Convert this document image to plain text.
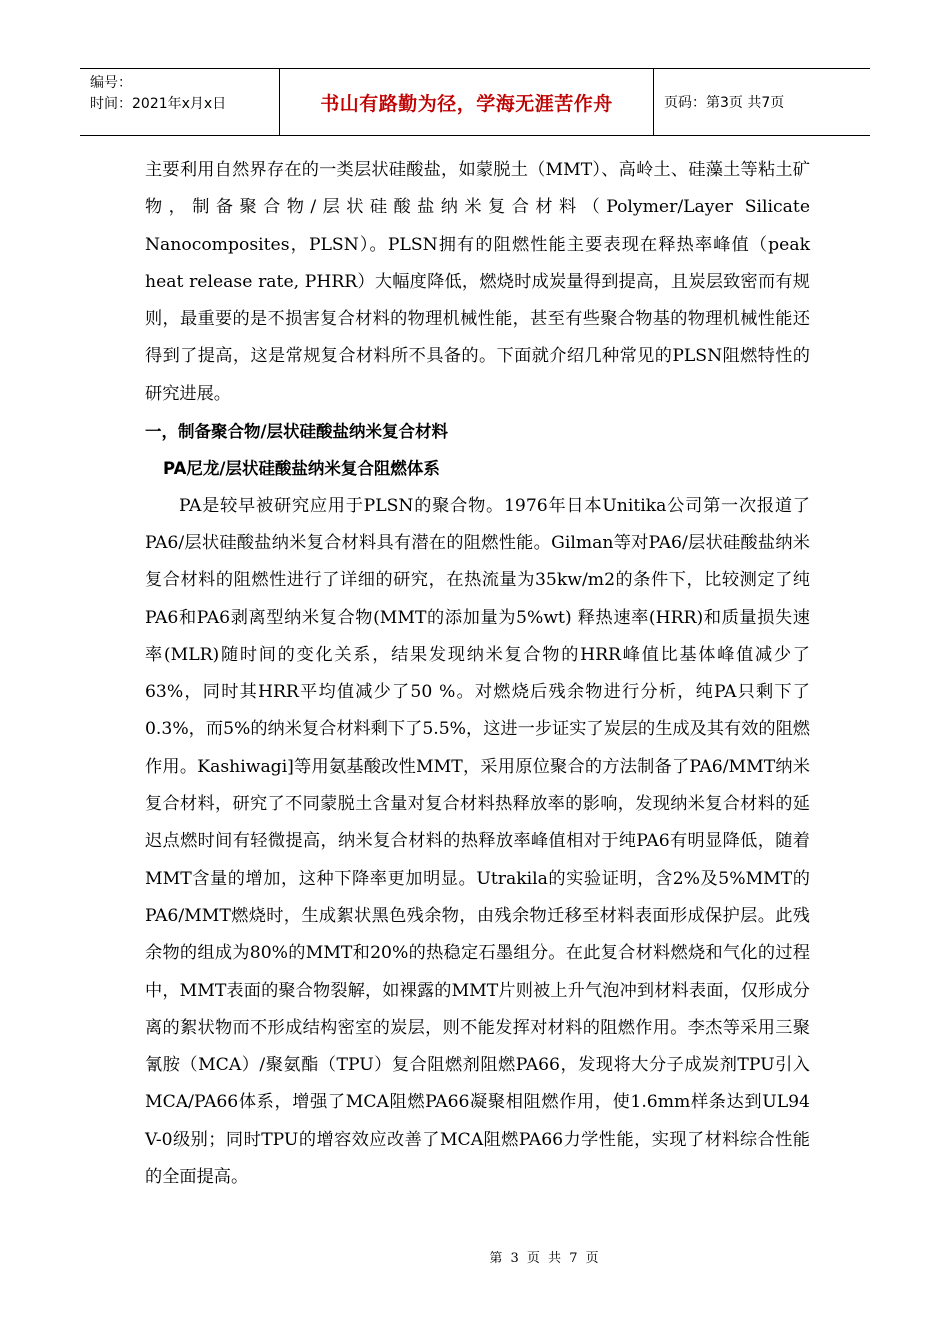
编号：
时间：2021年x月x日	书山有路勤为径，学海无涯苦作舟	页码：第3页 共7页

主要利用自然界存在的一类层状硅酸盐，如蒙脱土（MMT）、高岭土、硅藻土等粘土矿物，制备聚合物/层状硅酸盐纳米复合材料（Polymer/Layer Silicate Nanocomposites，PLSN）。PLSN拥有的阻燃性能主要表现在释热率峰值（peak heat release rate, PHRR）大幅度降低，燃烧时成炭量得到提高，且炭层致密而有规则，最重要的是不损害复合材料的物理机械性能，甚至有些聚合物基的物理机械性能还得到了提高，这是常规复合材料所不具备的。下面就介绍几种常见的PLSN阻燃特性的研究进展。

一，制备聚合物/层状硅酸盐纳米复合材料

PA尼龙/层状硅酸盐纳米复合阻燃体系

PA是较早被研究应用于PLSN的聚合物。1976年日本Unitika公司第一次报道了PA6/层状硅酸盐纳米复合材料具有潜在的阻燃性能。Gilman等对PA6/层状硅酸盐纳米复合材料的阻燃性进行了详细的研究，在热流量为35kw/m2的条件下，比较测定了纯PA6和PA6剥离型纳米复合物(MMT的添加量为5%wt) 释热速率(HRR)和质量损失速率(MLR)随时间的变化关系，结果发现纳米复合物的HRR峰值比基体峰值减少了63%，同时其HRR平均值减少了50 %。对燃烧后残余物进行分析，纯PA只剩下了0.3%，而5%的纳米复合材料剩下了5.5%，这进一步证实了炭层的生成及其有效的阻燃作用。Kashiwagi]等用氨基酸改性MMT，采用原位聚合的方法制备了PA6/MMT纳米复合材料，研究了不同蒙脱土含量对复合材料热释放率的影响，发现纳米复合材料的延迟点燃时间有轻微提高，纳米复合材料的热释放率峰值相对于纯PA6有明显降低，随着MMT含量的增加，这种下降率更加明显。Utrakila的实验证明，含2%及5%MMT的PA6/MMT燃烧时，生成絮状黑色残余物，由残余物迁移至材料表面形成保护层。此残余物的组成为80%的MMT和20%的热稳定石墨组分。在此复合材料燃烧和气化的过程中，MMT表面的聚合物裂解，如裸露的MMT片则被上升气泡冲到材料表面，仅形成分离的絮状物而不形成结构密室的炭层，则不能发挥对材料的阻燃作用。李杰等采用三聚氰胺（MCA）/聚氨酯（TPU）复合阻燃剂阻燃PA66，发现将大分子成炭剂TPU引入MCA/PA66体系，增强了MCA阻燃PA66凝聚相阻燃作用，使1.6mm样条达到UL94 V-0级别；同时TPU的增容效应改善了MCA阻燃PA66力学性能，实现了材料综合性能的全面提高。

第 3 页 共 7 页
